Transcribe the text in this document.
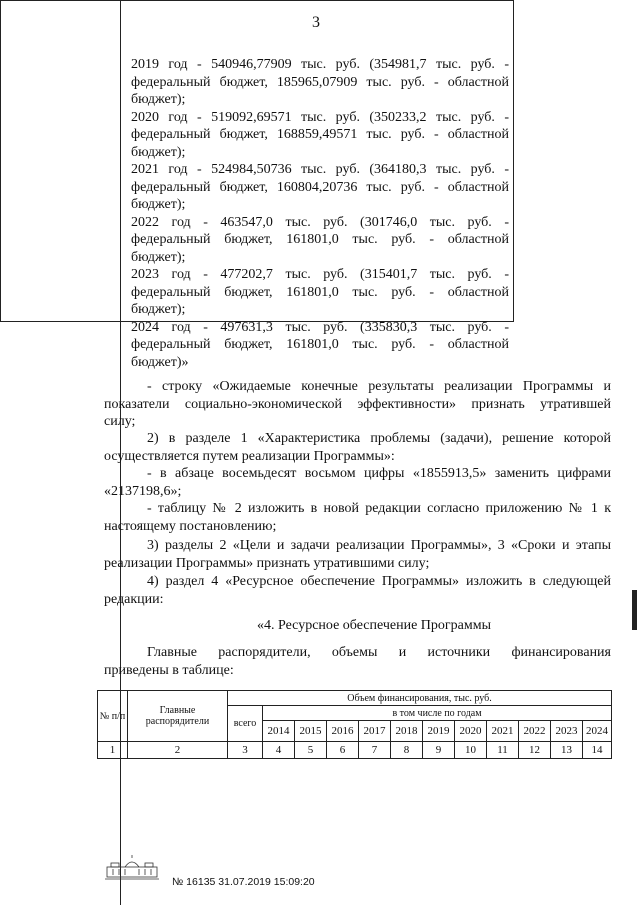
3
2019 год - 540946,77909 тыс. руб. (354981,7 тыс. руб. -
федеральный бюджет, 185965,07909 тыс. руб. - областной
бюджет);
2020 год - 519092,69571 тыс. руб. (350233,2 тыс. руб. -
федеральный бюджет, 168859,49571 тыс. руб. - областной
бюджет);
2021 год - 524984,50736 тыс. руб. (364180,3 тыс. руб. -
федеральный бюджет, 160804,20736 тыс. руб. - областной
бюджет);
2022 год - 463547,0 тыс. руб. (301746,0 тыс. руб. -
федеральный бюджет, 161801,0 тыс. руб. - областной
бюджет);
2023 год - 477202,7 тыс. руб. (315401,7 тыс. руб. -
федеральный бюджет, 161801,0 тыс. руб. - областной
бюджет);
2024 год - 497631,3 тыс. руб. (335830,3 тыс. руб. -
федеральный бюджет, 161801,0 тыс. руб. - областной
бюджет)»
- строку «Ожидаемые конечные результаты реализации Программы и
показатели социально-экономической эффективности» признать утратившей
силу;
2) в разделе 1 «Характеристика проблемы (задачи), решение которой
осуществляется путем реализации Программы»:
- в абзаце восемьдесят восьмом цифры «1855913,5» заменить цифрами
«2137198,6»;
- таблицу № 2 изложить в новой редакции согласно приложению № 1 к
настоящему постановлению;
3) разделы 2 «Цели и задачи реализации Программы», 3 «Сроки и этапы
реализации Программы» признать утратившими силу;
4) раздел 4 «Ресурсное обеспечение Программы» изложить в следующей
редакции:
«4. Ресурсное обеспечение Программы
Главные распорядители, объемы и источники финансирования
приведены в таблице:
№ п/п	Главные распорядители	Объем финансирования, тыс. руб.											
		всего	в том числе по годам										
			2014	2015	2016	2017	2018	2019	2020	2021	2022	2023	2024
1	2	3	4	5	6	7	8	9	10	11	12	13	14
№ 16135 31.07.2019 15:09:20
